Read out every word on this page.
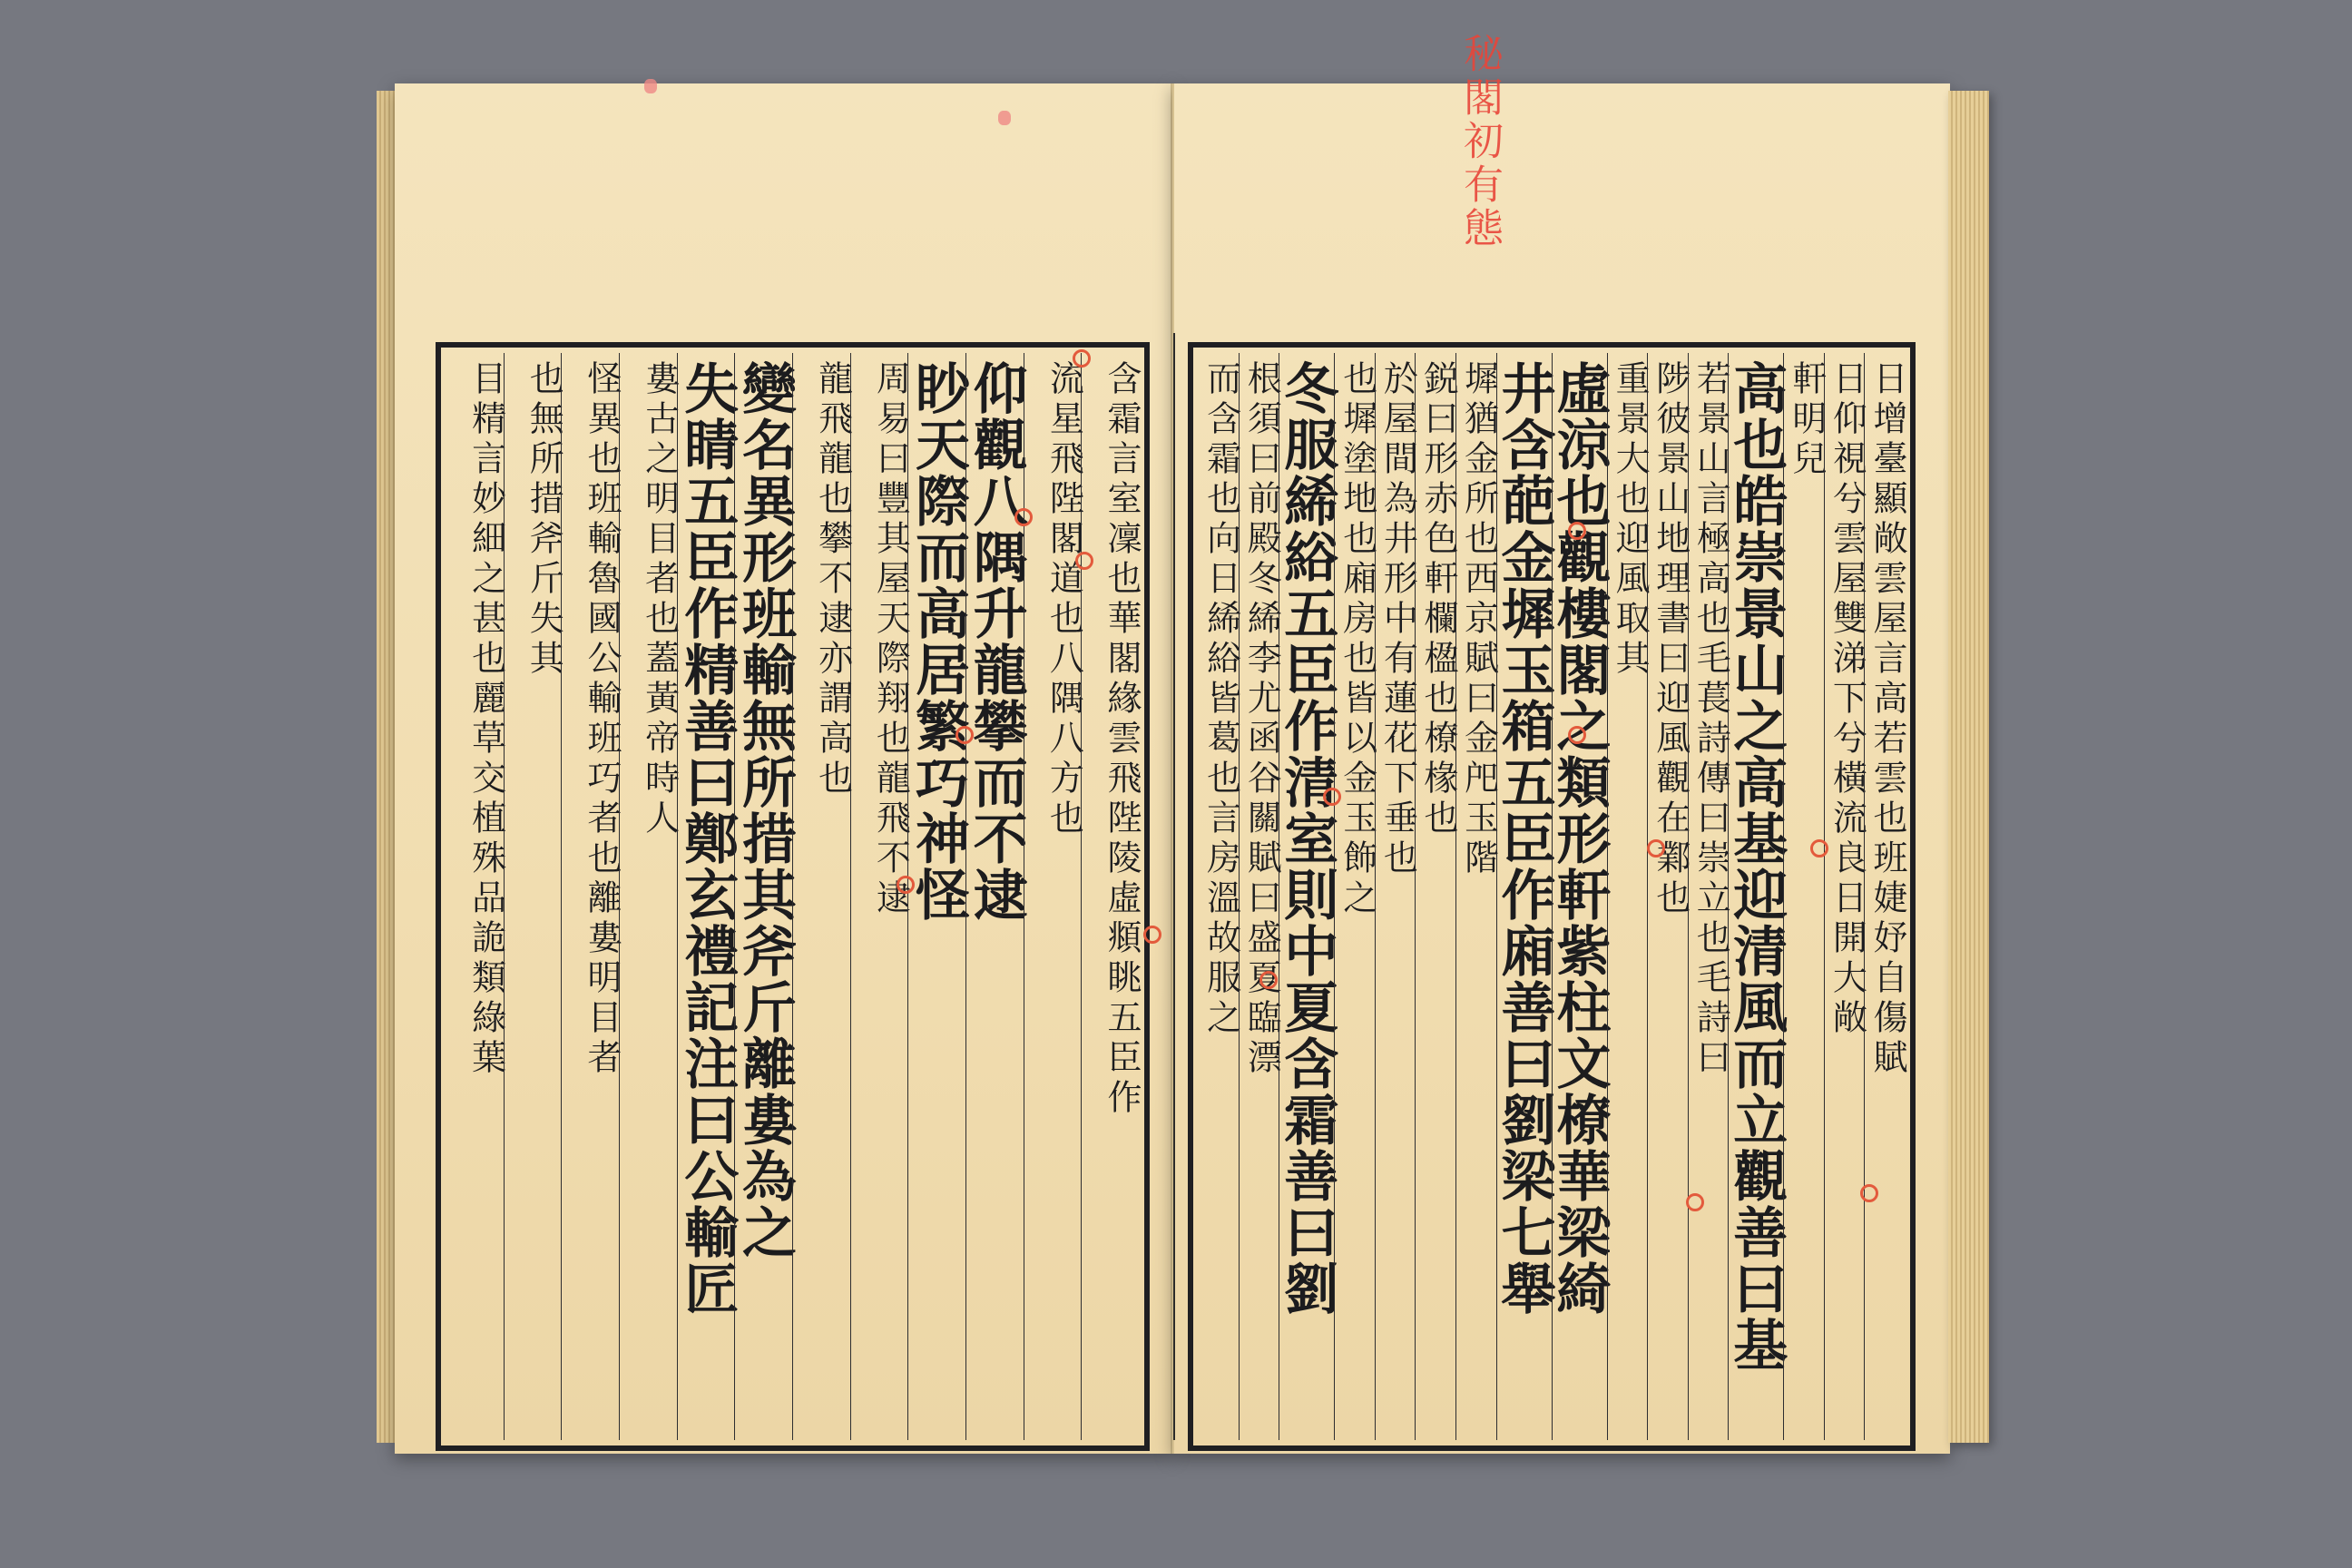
含霜言室凜也華閣緣雲飛陛陵虛頫眺五臣作
流星飛陛閣道也八隅八方也
仰觀八隅升龍攀而不逮
眇天際而高居繁巧神怪
周易曰豐其屋天際翔也龍飛不逮
龍飛龍也攀不逮亦謂高也
變名異形班輸無所措其斧斤離婁為之
失睛五臣作精善曰鄭玄禮記注曰公輸匠
婁古之明目者也蓋黃帝時人
怪異也班輸魯國公輸班巧者也離婁明目者
也無所措斧斤失其
目精言妙細之甚也麗草交植殊品詭類綠葉	日增臺顯敞雲屋言高若雲也班婕妤自傷賦
日仰視兮雲屋雙涕下兮橫流良日開大敞
軒明兒
高也皓崇景山之高基迎清風而立觀善曰基
若景山言極高也毛萇詩傳曰崇立也毛詩曰
陟彼景山地理書曰迎風觀在鄴也
重景大也迎風取其
虛涼也觀樓閣之類形軒紫柱文橑華梁綺
井含葩金墀玉箱五臣作廂善曰劉梁七舉
墀猶金所也西京賦曰金戺玉階
鋭曰形赤色軒欄楹也橑椽也
於屋間為井形中有蓮花下垂也
也墀塗地也廂房也皆以金玉飾之
冬服絺綌五臣作清室則中夏含霜善曰劉
根須曰前殿冬絺李尤函谷關賦曰盛夏臨漂
而含霜也向日絺綌皆葛也言房溫故服之
秘閣初有態
